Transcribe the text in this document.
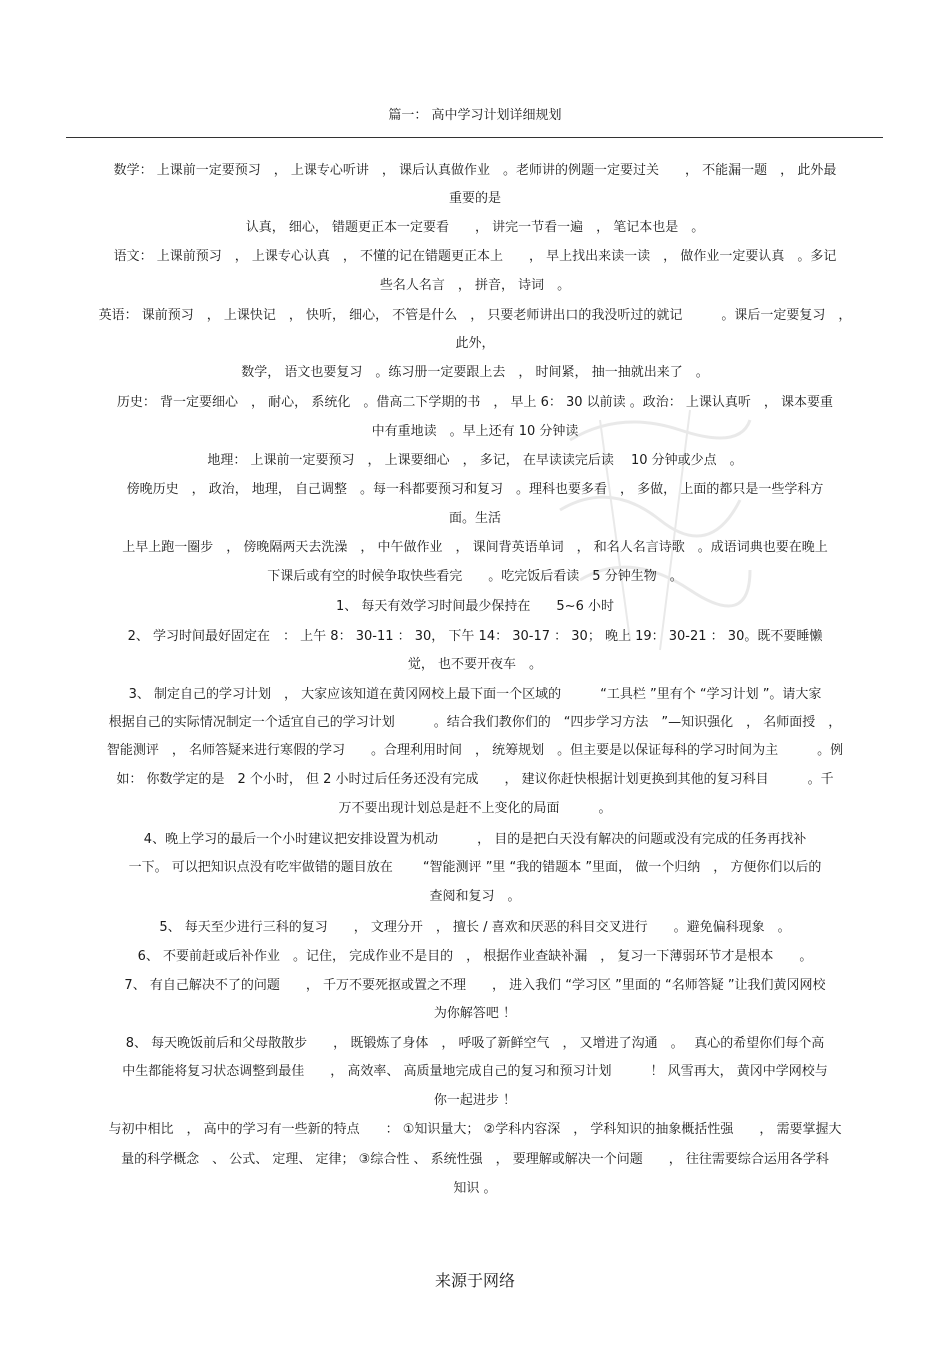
篇一： 高中学习计划详细规划
数学： 上课前一定要预习　， 上课专心听讲　， 课后认真做作业　。老师讲的例题一定要过关　　， 不能漏一题　， 此外最
重要的是
认真， 细心， 错题更正本一定要看　　， 讲完一节看一遍　， 笔记本也是　。
语文： 上课前预习　， 上课专心认真　， 不懂的记在错题更正本上　　， 早上找出来读一读　， 做作业一定要认真　。多记
些名人名言　， 拼音， 诗词　。
英语： 课前预习　， 上课快记　， 快听， 细心， 不管是什么　， 只要老师讲出口的我没听过的就记　　　。课后一定要复习　，
此外，
数学， 语文也要复习　。练习册一定要跟上去　， 时间紧， 抽一抽就出来了　。
历史： 背一定要细心　， 耐心， 系统化　。借高二下学期的书　， 早上 6： 30 以前读 。政治： 上课认真听　， 课本要重
中有重地读　。早上还有 10 分钟读
地理： 上课前一定要预习　， 上课要细心　， 多记， 在早读读完后读　 10 分钟或少点　。
傍晚历史　， 政治， 地理， 自己调整　。每一科都要预习和复习　。理科也要多看　， 多做， 上面的都只是一些学科方
面。生活
上早上跑一圈步　， 傍晚隔两天去洗澡　， 中午做作业　， 课间背英语单词　， 和名人名言诗歌　。成语词典也要在晚上
下课后或有空的时候争取快些看完　　。吃完饭后看读　5 分钟生物　。
1、 每天有效学习时间最少保持在　　5~6 小时
2、 学习时间最好固定在　： 上午 8： 30-11 ： 30， 下午 14： 30-17 ： 30； 晚上 19： 30-21 ： 30。既不要睡懒
觉， 也不要开夜车　。
3、 制定自己的学习计划　， 大家应该知道在黄冈网校上最下面一个区域的　　　“工具栏 ”里有个 “学习计划 ”。请大家
根据自己的实际情况制定一个适宜自己的学习计划　　　。结合我们教你们的　“四步学习方法　”—知识强化　， 名师面授　，
智能测评　， 名师答疑来进行寒假的学习　　。合理利用时间　， 统筹规划　。但主要是以保证每科的学习时间为主　　　。例
如： 你数学定的是　2 个小时， 但 2 小时过后任务还没有完成　　， 建议你赶快根据计划更换到其他的复习科目　　　。千
万不要出现计划总是赶不上变化的局面　　　。
4、晚上学习的最后一个小时建议把安排设置为机动　　　， 目的是把白天没有解决的问题或没有完成的任务再找补
一下。 可以把知识点没有吃牢做错的题目放在　　 “智能测评 ”里 “我的错题本 ”里面， 做一个归纳　， 方便你们以后的
查阅和复习　。
5、 每天至少进行三科的复习　　， 文理分开　， 擅长 / 喜欢和厌恶的科目交叉进行　　。避免偏科现象　。
6、 不要前赶或后补作业　。记住， 完成作业不是目的　， 根据作业查缺补漏　， 复习一下薄弱环节才是根本　　。
7、 有自己解决不了的问题　　， 千万不要死抠或置之不理　　， 进入我们 “学习区 ”里面的 “名师答疑 ”让我们黄冈网校
为你解答吧 ！
8、 每天晚饭前后和父母散散步　　， 既锻炼了身体　， 呼吸了新鲜空气　， 又增进了沟通　。　 真心的希望你们每个高
中生都能将复习状态调整到最佳　　， 高效率、 高质量地完成自己的复习和预习计划　　　！ 风雪再大， 黄冈中学网校与
你一起进步 ！
与初中相比　， 高中的学习有一些新的特点　　： ①知识量大； ②学科内容深　， 学科知识的抽象概括性强　　， 需要掌握大
量的科学概念　、 公式、 定理、 定律； ③综合性 、 系统性强　， 要理解或解决一个问题　　， 往往需要综合运用各学科
知识 。
来源于网络
